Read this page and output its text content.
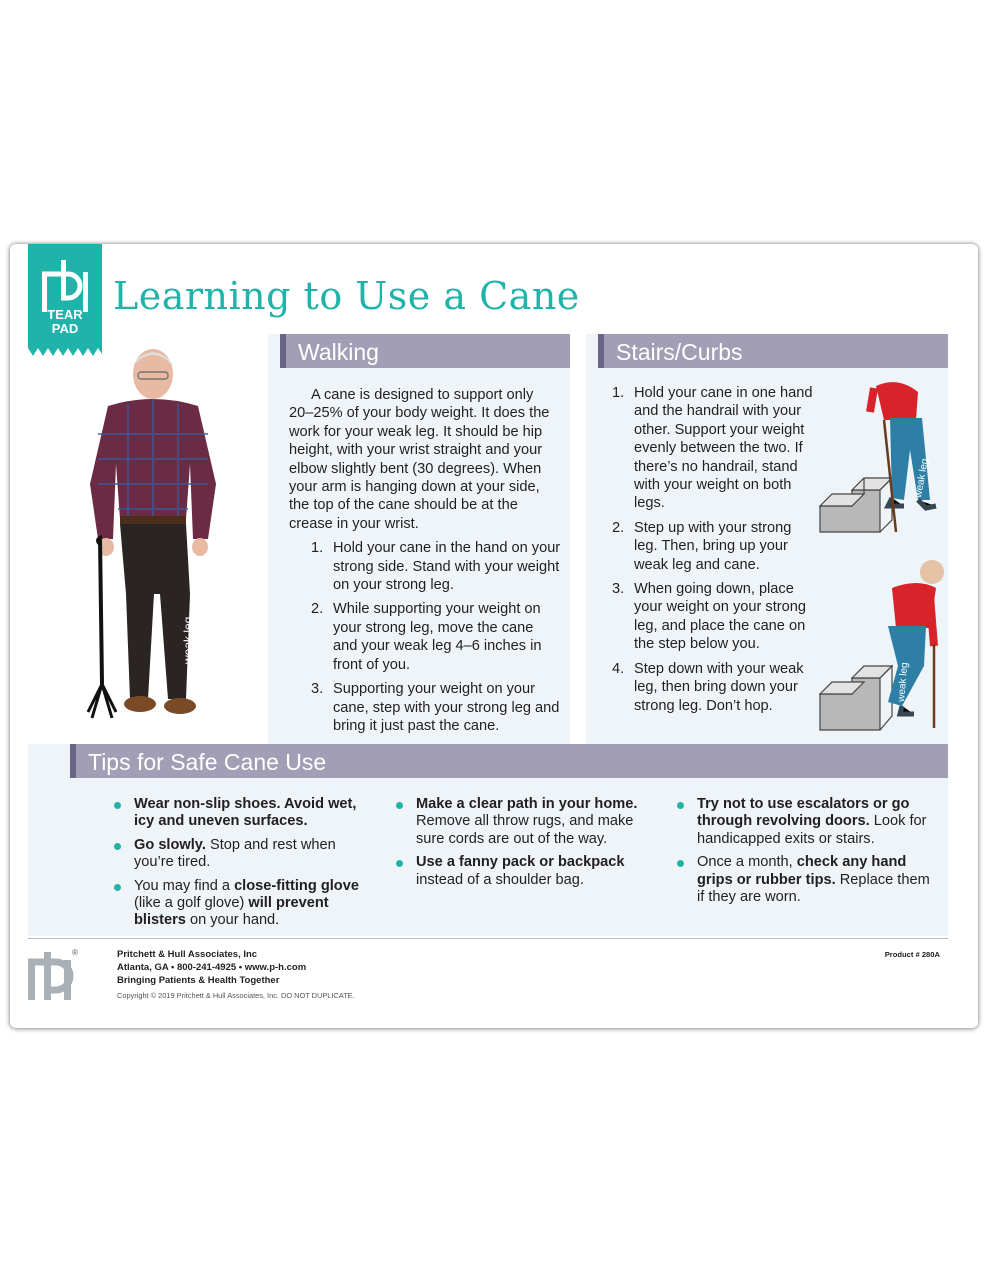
TEAR
PAD
Learning to Use a Cane
weak leg
Walking

A cane is designed to support only 20–25% of your body weight. It does the work for your weak leg. It should be hip height, with your wrist straight and your elbow slightly bent (30 degrees). When your arm is hanging down at your side, the top of the cane should be at the crease in your wrist.

1. Hold your cane in the hand on your strong side. Stand with your weight on your strong leg.
2. While supporting your weight on your strong leg, move the cane and your weak leg 4–6 inches in front of you.
3. Supporting your weight on your cane, step with your strong leg and bring it just past the cane.
Stairs/Curbs
1. Hold your cane in one hand and the handrail with your other. Support your weight evenly between the two. If there’s no handrail, stand with your weight on both legs.
2. Step up with your strong leg. Then, bring up your weak leg and cane.
3. When going down, place your weight on your strong leg, and place the cane on the step below you.
4. Step down with your weak leg, then bring down your strong leg. Don’t hop.
weak leg
weak leg
Tips for Safe Cane Use
Wear non-slip shoes. Avoid wet, icy and uneven surfaces.
Go slowly. Stop and rest when you’re tired.
You may find a close-fitting glove (like a golf glove) will prevent blisters on your hand.
Make a clear path in your home. Remove all throw rugs, and make sure cords are out of the way.
Use a fanny pack or backpack instead of a shoulder bag.
Try not to use escalators or go through revolving doors. Look for handicapped exits or stairs.
Once a month, check any hand grips or rubber tips. Replace them if they are worn.
®	Pritchett & Hull Associates, Inc
Atlanta, GA • 800-241-4925 • www.p-h.com
Bringing Patients & Health Together
Copyright © 2019 Pritchett & Hull Associates, Inc. DO NOT DUPLICATE.
Product # 280A
